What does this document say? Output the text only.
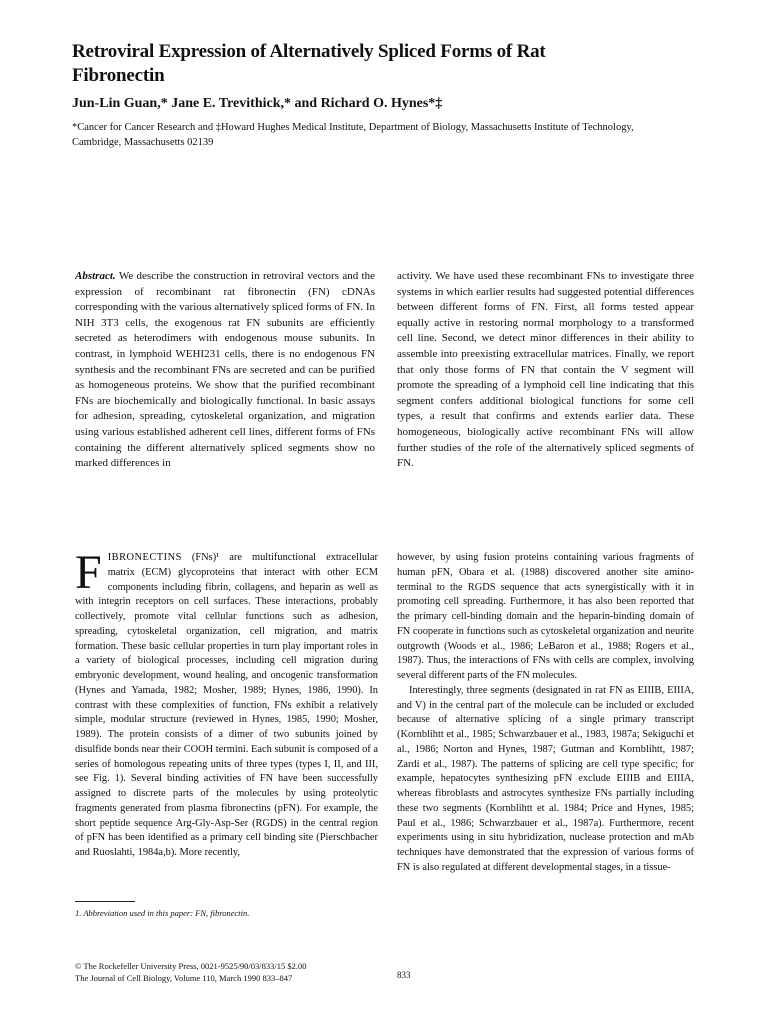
Retroviral Expression of Alternatively Spliced Forms of Rat Fibronectin
Jun-Lin Guan,* Jane E. Trevithick,* and Richard O. Hynes*‡
*Cancer for Cancer Research and ‡Howard Hughes Medical Institute, Department of Biology, Massachusetts Institute of Technology, Cambridge, Massachusetts 02139
Abstract. We describe the construction in retroviral vectors and the expression of recombinant rat fibronectin (FN) cDNAs corresponding with the various alternatively spliced forms of FN. In NIH 3T3 cells, the exogenous rat FN subunits are efficiently secreted as heterodimers with endogenous mouse subunits. In contrast, in lymphoid WEHI231 cells, there is no endogenous FN synthesis and the recombinant FNs are secreted and can be purified as homogeneous proteins. We show that the purified recombinant FNs are biochemically and biologically functional. In basic assays for adhesion, spreading, cytoskeletal organization, and migration using various established adherent cell lines, different forms of FNs containing the different alternatively spliced segments show no marked differences in
activity. We have used these recombinant FNs to investigate three systems in which earlier results had suggested potential differences between different forms of FN. First, all forms tested appear equally active in restoring normal morphology to a transformed cell line. Second, we detect minor differences in their ability to assemble into preexisting extracellular matrices. Finally, we report that only those forms of FN that contain the V segment will promote the spreading of a lymphoid cell line indicating that this segment confers additional biological functions for some cell types, a result that confirms and extends earlier data. These homogeneous, biologically active recombinant FNs will allow further studies of the role of the alternatively spliced segments of FN.
FIBRONECTINS (FNs)¹ are multifunctional extracellular matrix (ECM) glycoproteins that interact with other ECM components including fibrin, collagens, and heparin as well as with integrin receptors on cell surfaces. These interactions, probably collectively, promote vital cellular functions such as adhesion, spreading, cytoskeletal organization, cell migration, and matrix formation. These basic cellular properties in turn play important roles in a variety of biological processes, including cell migration during embryonic development, wound healing, and oncogenic transformation (Hynes and Yamada, 1982; Mosher, 1989; Hynes, 1986, 1990). In contrast with these complexities of function, FNs exhibit a relatively simple, modular structure (reviewed in Hynes, 1985, 1990; Mosher, 1989). The protein consists of a dimer of two subunits joined by disulfide bonds near their COOH termini. Each subunit is composed of a series of homologous repeating units of three types (types I, II, and III, see Fig. 1). Several binding activities of FN have been successfully assigned to discrete parts of the molecules by using proteolytic fragments generated from plasma fibronectins (pFN). For example, the short peptide sequence Arg-Gly-Asp-Ser (RGDS) in the central region of pFN has been identified as a primary cell binding site (Pierschbacher and Ruoslahti, 1984a,b). More recently,
however, by using fusion proteins containing various fragments of human pFN, Obara et al. (1988) discovered another site amino-terminal to the RGDS sequence that acts synergistically with it in promoting cell spreading. Furthermore, it has also been reported that the primary cell-binding domain and the heparin-binding domain of FN cooperate in functions such as cytoskeletal organization and neurite outgrowth (Woods et al., 1986; LeBaron et al., 1988; Rogers et al., 1987). Thus, the interactions of FNs with cells are complex, involving several different parts of the FN molecules.
Interestingly, three segments (designated in rat FN as EIIIB, EIIIA, and V) in the central part of the molecule can be included or excluded because of alternative splicing of a single primary transcript (Kornblihtt et al., 1985; Schwarzbauer et al., 1983, 1987a; Sekiguchi et al., 1986; Norton and Hynes, 1987; Gutman and Kornblihtt, 1987; Zardi et al., 1987). The patterns of splicing are cell type specific; for example, hepatocytes synthesizing pFN exclude EIIIB and EIIIA, whereas fibroblasts and astrocytes synthesize FNs partially including these two segments (Kornblihtt et al. 1984; Price and Hynes, 1985; Paul et al., 1986; Schwarzbauer et al., 1987a). Furthermore, recent experiments using in situ hybridization, nuclease protection and mAb techniques have demonstrated that the expression of various forms of FN is also regulated at different developmental stages, in a tissue-
1. Abbreviation used in this paper: FN, fibronectin.
© The Rockefeller University Press, 0021-9525/90/03/833/15 $2.00
The Journal of Cell Biology, Volume 110, March 1990 833–847	833
